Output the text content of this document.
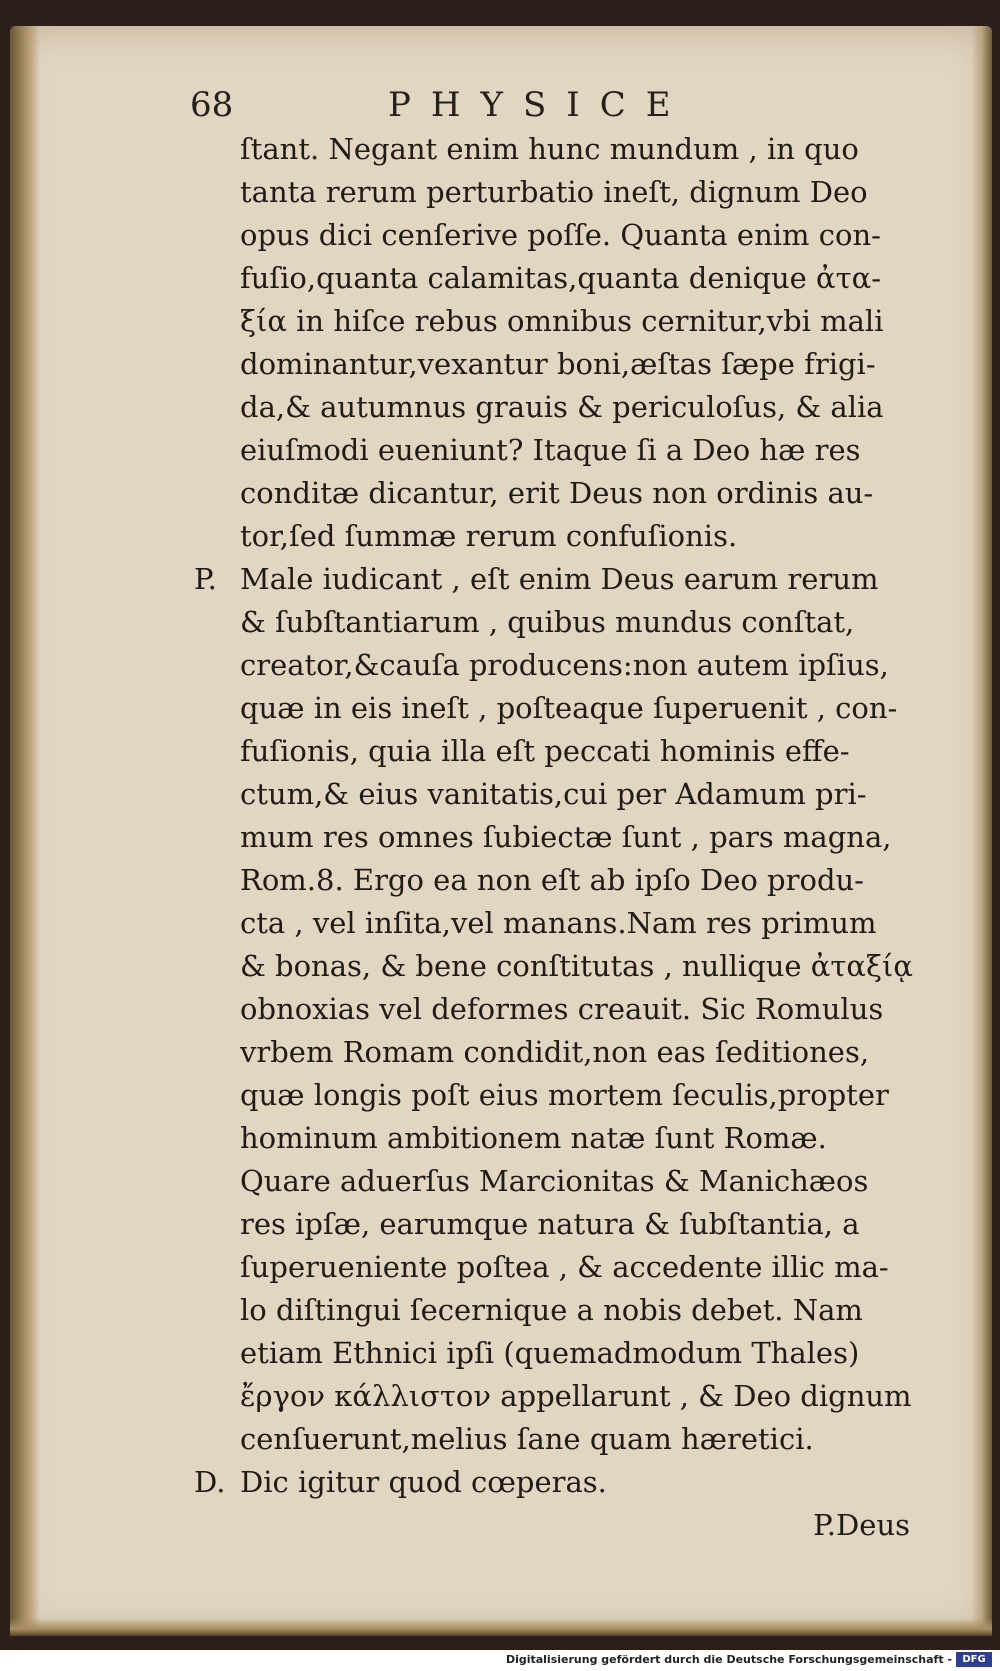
68	PHYSICE
ſtant. Negant enim hunc mundum , in quo
tanta rerum perturbatio ineſt, dignum Deo
opus dici cenſerive poſſe. Quanta enim con-
fuſio,quanta calamitas,quanta denique ἀτα-
ξία in hiſce rebus omnibus cernitur,vbi mali
dominantur,vexantur boni,æſtas ſæpe frigi-
da,& autumnus grauis & periculoſus, & alia
eiuſmodi eueniunt? Itaque ſi a Deo hæ res
conditæ dicantur, erit Deus non ordinis au-
tor,ſed ſummæ rerum confuſionis.
P. Male iudicant , eſt enim Deus earum rerum
& ſubſtantiarum , quibus mundus conſtat,
creator,&cauſa producens:non autem ipſius,
quæ in eis ineſt , poſteaque ſuperuenit , con-
fuſionis, quia illa eſt peccati hominis effe-
ctum,& eius vanitatis,cui per Adamum pri-
mum res omnes ſubiectæ ſunt , pars magna,
Rom.8. Ergo ea non eſt ab ipſo Deo produ-
cta , vel inſita,vel manans.Nam res primum
& bonas, & bene conſtitutas , nullique ἀταξίᾳ
obnoxias vel deformes creauit. Sic Romulus
vrbem Romam condidit,non eas ſeditiones,
quæ longis poſt eius mortem ſeculis,propter
hominum ambitionem natæ ſunt Romæ.
Quare aduerſus Marcionitas & Manichæos
res ipſæ, earumque natura & ſubſtantia, a
ſuperueniente poſtea , & accedente illic ma-
lo diſtingui ſecernique a nobis debet. Nam
etiam Ethnici ipſi (quemadmodum Thales)
ἔργον κάλλιστον appellarunt , & Deo dignum
cenſuerunt,melius ſane quam hæretici.
D. Dic igitur quod cœperas.
P.Deus
Digitalisierung gefördert durch die Deutsche Forschungsgemeinschaft -	DFG
